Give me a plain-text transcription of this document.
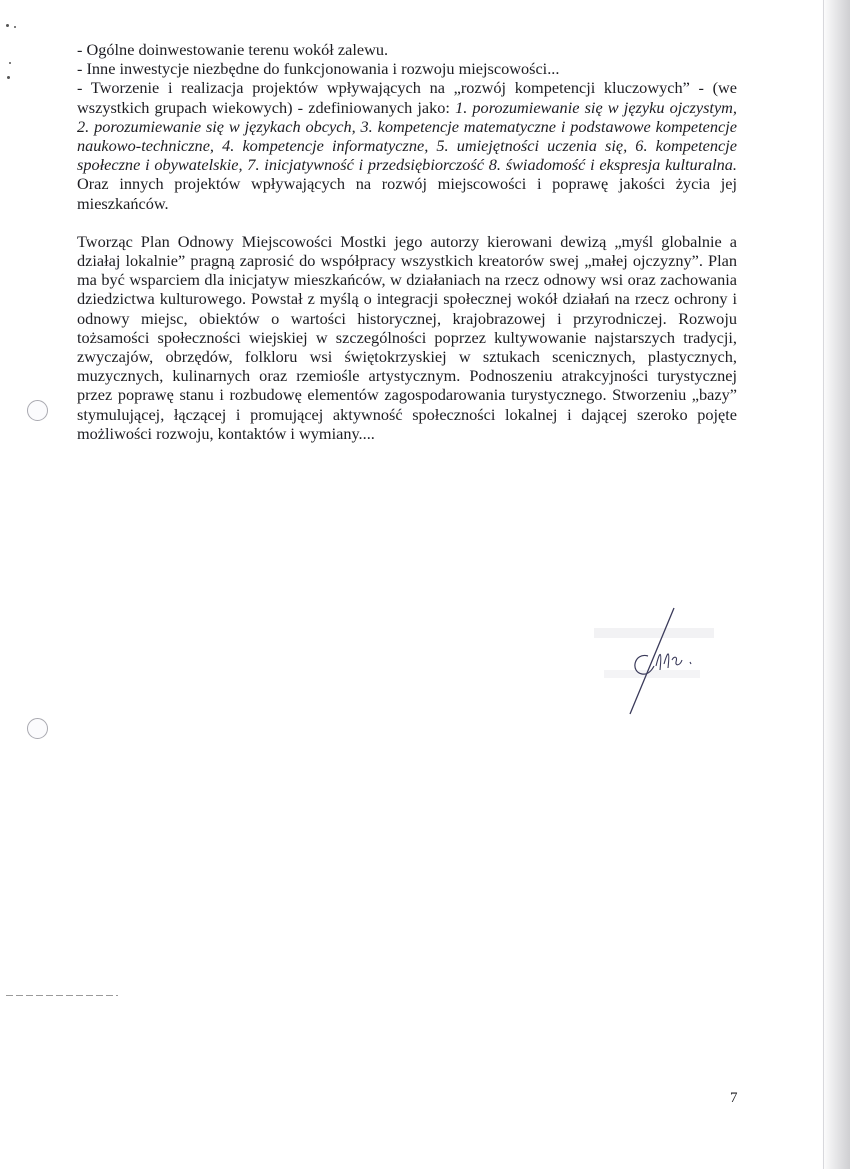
- Ogólne doinwestowanie terenu wokół zalewu.

- Inne inwestycje niezbędne do funkcjonowania i rozwoju miejscowości...

- Tworzenie i realizacja projektów wpływających na „rozwój kompetencji kluczowych” - (we wszystkich grupach wiekowych) - zdefiniowanych jako: 1. porozumiewanie się w języku ojczystym, 2. porozumiewanie się w językach obcych, 3. kompetencje matematyczne i podstawowe kompetencje naukowo-techniczne, 4. kompetencje informatyczne, 5. umiejętności uczenia się, 6. kompetencje społeczne i obywatelskie, 7. inicjatywność i przedsiębiorczość 8. świadomość i ekspresja kulturalna. Oraz innych projektów wpływających na rozwój miejscowości i poprawę jakości życia jej mieszkańców.

Tworząc Plan Odnowy Miejscowości Mostki jego autorzy kierowani dewizą „myśl globalnie a działaj lokalnie” pragną zaprosić do współpracy wszystkich kreatorów swej „małej ojczyzny”. Plan ma być wsparciem dla inicjatyw mieszkańców, w działaniach na rzecz odnowy wsi oraz zachowania dziedzictwa kulturowego. Powstał z myślą o integracji społecznej wokół działań na rzecz ochrony i odnowy miejsc, obiektów o wartości historycznej, krajobrazowej i przyrodniczej. Rozwoju tożsamości społeczności wiejskiej w szczególności poprzez kultywowanie najstarszych tradycji, zwyczajów, obrzędów, folkloru wsi świętokrzyskiej w sztukach scenicznych, plastycznych, muzycznych, kulinarnych oraz rzemiośle artystycznym. Podnoszeniu atrakcyjności turystycznej przez poprawę stanu i rozbudowę elementów zagospodarowania turystycznego. Stworzeniu „bazy” stymulującej, łączącej i promującej aktywność społeczności lokalnej i dającej szeroko pojęte możliwości rozwoju, kontaktów i wymiany....

7
